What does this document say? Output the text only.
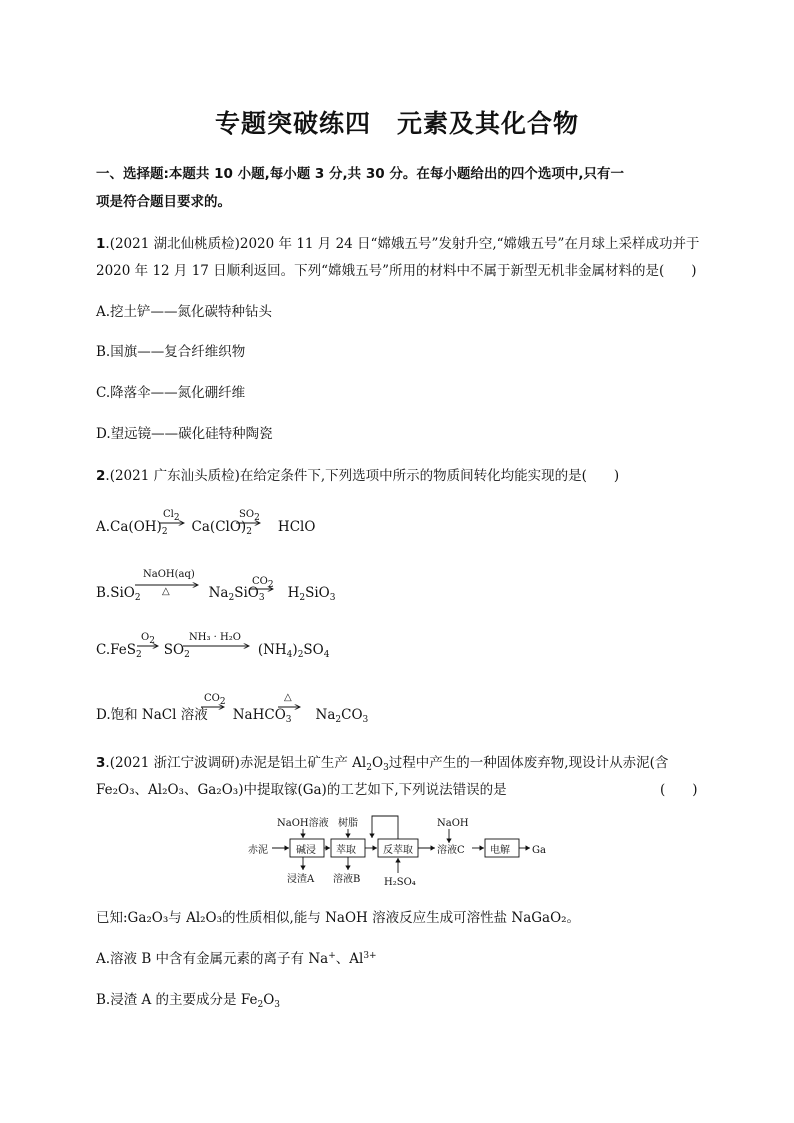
专题突破练四　元素及其化合物
一、选择题:本题共 10 小题,每小题 3 分,共 30 分。在每小题给出的四个选项中,只有一
项是符合题目要求的。
1.(2021 湖北仙桃质检)2020 年 11 月 24 日“嫦娥五号”发射升空,“嫦娥五号”在月球上采样成功并于
2020 年 12 月 17 日顺利返回。下列“嫦娥五号”所用的材料中不属于新型无机非金属材料的是(　　)
A.挖土铲——氮化碳特种钻头
B.国旗——复合纤维织物
C.降落伞——氮化硼纤维
D.望远镜——碳化硅特种陶瓷
2.(2021 广东汕头质检)在给定条件下,下列选项中所示的物质间转化均能实现的是(　　)
$A.Ca(OH)_2$ $Ca(ClO)_2$ HClO
Cl2	SO2
B.SiO$_2$	$Na_2SiO_3$ $H_2SiO_3$
NaOH(aq)
△
CO2
C.FeS$_2$ $SO_2$	$(NH_4)_2SO_4$
O2	NH₃ · H₂O
D.饱和 NaCl 溶液 NaHCO$_3$ $Na_2CO_3$
CO2	△
3.(2021 浙江宁波调研)赤泥是铝土矿生产 $Al_2O_3$过程中产生的一种固体废弃物,现设计从赤泥(含
Fe₂O₃、Al₂O₃、Ga₂O₃)中提取镓(Ga)的工艺如下,下列说法错误的是	(　　)
赤泥	碱浸 萃取	反萃取 溶液C	电解 Ga
NaOH溶液 树脂
H₂SO₄
NaOH
浸渣A 溶液B
已知:Ga₂O₃与 Al₂O₃的性质相似,能与 NaOH 溶液反应生成可溶性盐 NaGaO₂。
A.溶液 B 中含有金属元素的离子有 Na+、$Al^{3+}$
B.浸渣 A 的主要成分是 $Fe_2O_3$
